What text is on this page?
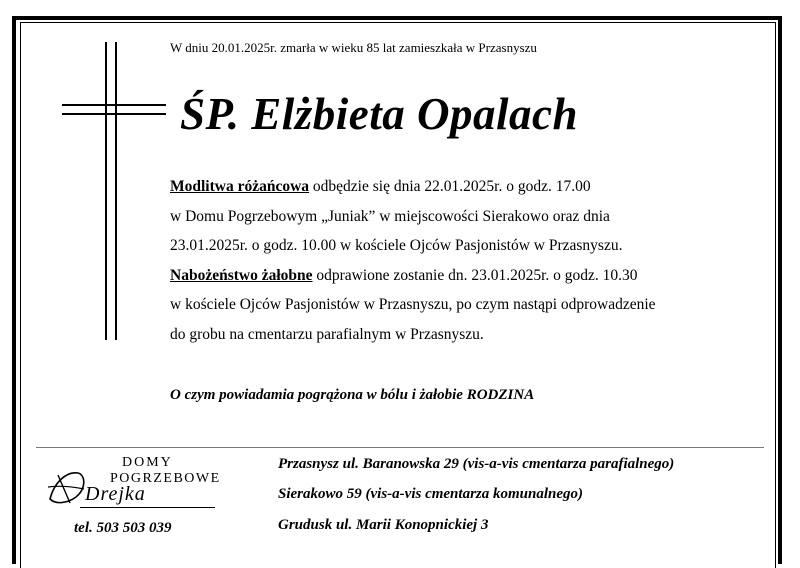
W dniu 20.01.2025r. zmarła w wieku 85 lat zamieszkała w Przasnyszu
ŚP. Elżbieta Opalach
Modlitwa różańcowa odbędzie się dnia 22.01.2025r. o godz. 17.00
w Domu Pogrzebowym „Juniak” w miejscowości Sierakowo oraz dnia
23.01.2025r. o godz. 10.00 w kościele Ojców Pasjonistów w Przasnyszu.
Nabożeństwo żałobne odprawione zostanie dn. 23.01.2025r. o godz. 10.30
w kościele Ojców Pasjonistów w Przasnyszu, po czym nastąpi odprowadzenie
do grobu na cmentarzu parafialnym w Przasnyszu.
O czym powiadamia pogrążona w bólu i żałobie RODZINA
DOMY
POGRZEBOWE
Drejka
tel. 503 503 039
Przasnysz ul. Baranowska 29 (vis-a-vis cmentarza parafialnego)
Sierakowo 59 (vis-a-vis cmentarza komunalnego)
Grudusk ul. Marii Konopnickiej 3
